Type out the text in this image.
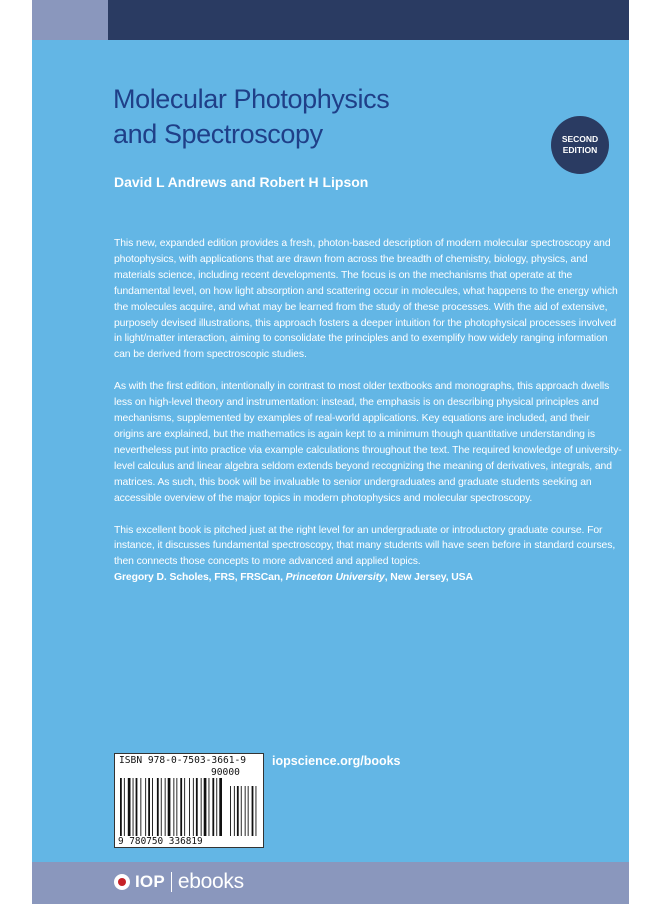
Molecular Photophysics
and Spectroscopy	SECOND
EDITION
David L Andrews and Robert H Lipson

This new, expanded edition provides a fresh, photon-based description of modern molecular spectroscopy and photophysics, with applications that are drawn from across the breadth of chemistry, biology, physics, and materials science, including recent developments. The focus is on the mechanisms that operate at the fundamental level, on how light absorption and scattering occur in molecules, what happens to the energy which the molecules acquire, and what may be learned from the study of these processes. With the aid of extensive, purposely devised illustrations, this approach fosters a deeper intuition for the photophysical processes involved in light/matter interaction, aiming to consolidate the principles and to exemplify how widely ranging information can be derived from spectroscopic studies.

As with the first edition, intentionally in contrast to most older textbooks and monographs, this approach dwells less on high-level theory and instrumentation: instead, the emphasis is on describing physical principles and mechanisms, supplemented by examples of real-world applications. Key equations are included, and their origins are explained, but the mathematics is again kept to a minimum though quantitative understanding is nevertheless put into practice via example calculations throughout the text. The required knowledge of university-level calculus and linear algebra seldom extends beyond recognizing the meaning of derivatives, integrals, and matrices. As such, this book will be invaluable to senior undergraduates and graduate students seeking an accessible overview of the major topics in modern photophysics and molecular spectroscopy.

This excellent book is pitched just at the right level for an undergraduate or introductory graduate course. For instance, it discusses fundamental spectroscopy, that many students will have seen before in standard courses, then connects those concepts to more advanced and applied topics.

Gregory D. Scholes, FRS, FRSCan, Princeton University, New Jersey, USA
ISBN 978-0-7503-3661-9
90000
9 780750 336819
iopscience.org/books
IOP ebooks
